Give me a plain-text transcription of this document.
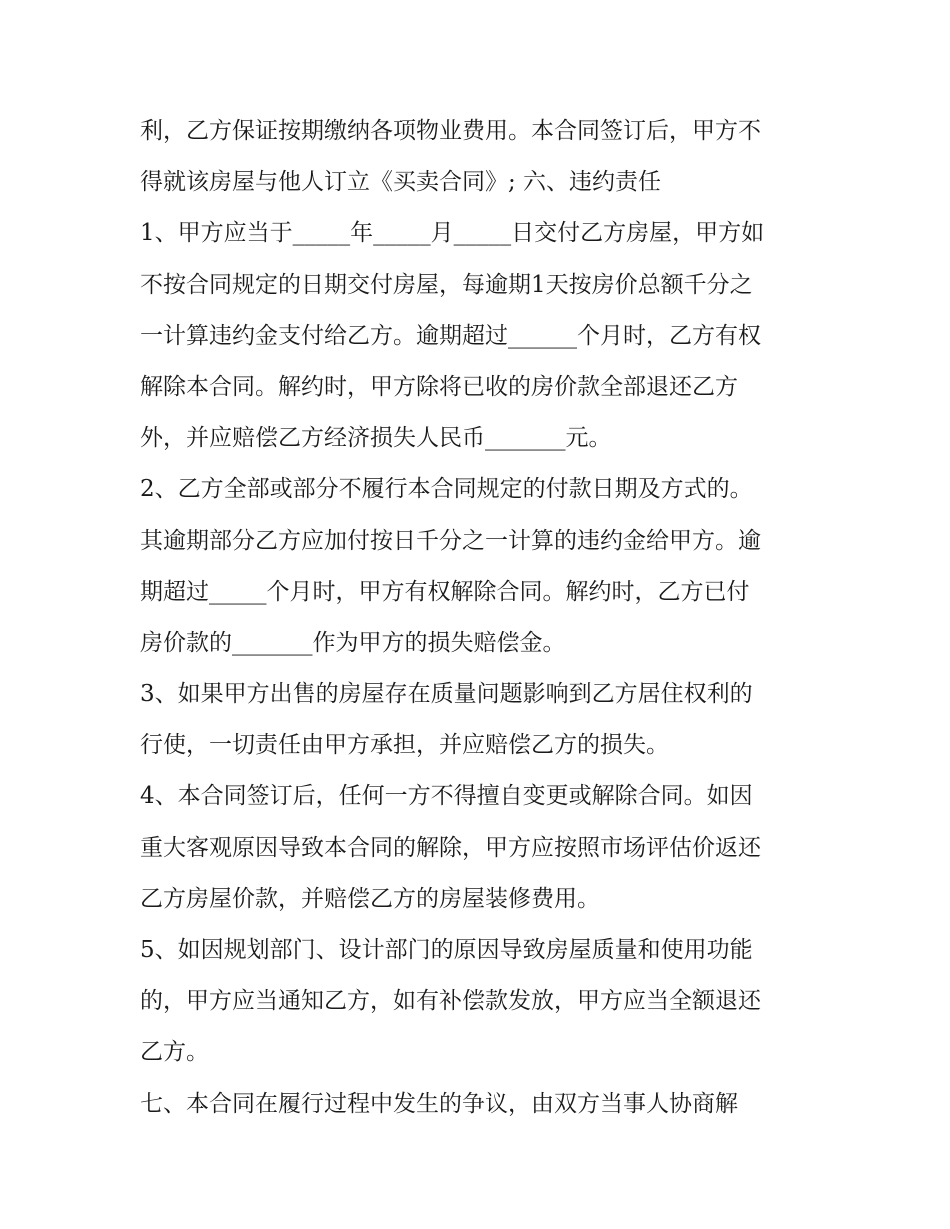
利，乙方保证按期缴纳各项物业费用。本合同签订后，甲方不
得就该房屋与他人订立《买卖合同》; 六、违约责任
1、甲方应当于_____年_____月_____日交付乙方房屋，甲方如
不按合同规定的日期交付房屋，每逾期1天按房价总额千分之
一计算违约金支付给乙方。逾期超过______个月时，乙方有权
解除本合同。解约时，甲方除将已收的房价款全部退还乙方
外，并应赔偿乙方经济损失人民币_______元。
2、乙方全部或部分不履行本合同规定的付款日期及方式的。
其逾期部分乙方应加付按日千分之一计算的违约金给甲方。逾
期超过_____个月时，甲方有权解除合同。解约时，乙方已付
房价款的_______作为甲方的损失赔偿金。
3、如果甲方出售的房屋存在质量问题影响到乙方居住权利的
行使，一切责任由甲方承担，并应赔偿乙方的损失。
4、本合同签订后，任何一方不得擅自变更或解除合同。如因
重大客观原因导致本合同的解除，甲方应按照市场评估价返还
乙方房屋价款，并赔偿乙方的房屋装修费用。
5、如因规划部门、设计部门的原因导致房屋质量和使用功能
的，甲方应当通知乙方，如有补偿款发放，甲方应当全额退还
乙方。
七、本合同在履行过程中发生的争议，由双方当事人协商解
